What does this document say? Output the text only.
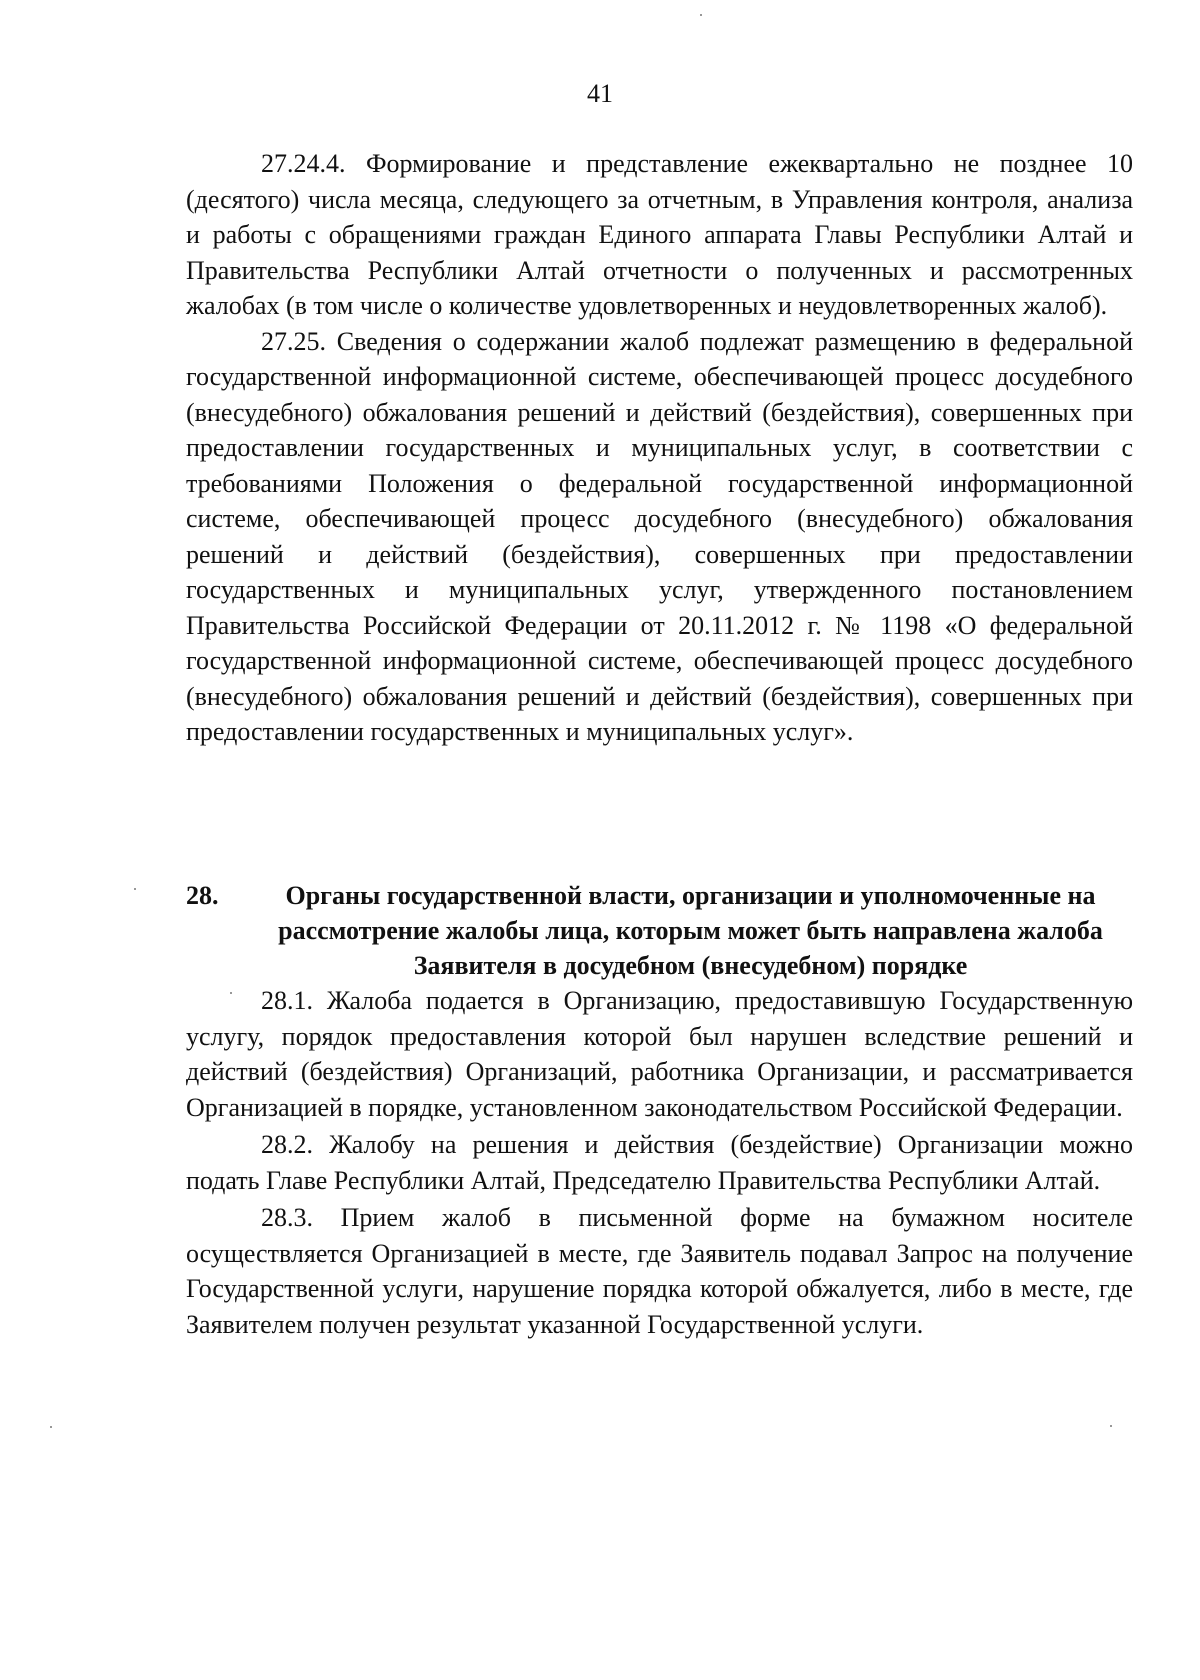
41

27.24.4. Формирование и представление ежеквартально не позднее 10 (десятого) числа месяца, следующего за отчетным, в Управления контроля, анализа и работы с обращениями граждан Единого аппарата Главы Республики Алтай и Правительства Республики Алтай отчетности о полученных и рассмотренных жалобах (в том числе о количестве удовлетворенных и неудовлетворенных жалоб).

27.25. Сведения о содержании жалоб подлежат размещению в федеральной государственной информационной системе, обеспечивающей процесс досудебного (внесудебного) обжалования решений и действий (бездействия), совершенных при предоставлении государственных и муниципальных услуг, в соответствии с требованиями Положения о федеральной государственной информационной системе, обеспечивающей процесс досудебного (внесудебного) обжалования решений и действий (бездействия), совершенных при предоставлении государственных и муниципальных услуг, утвержденного постановлением Правительства Российской Федерации от 20.11.2012 г. № 1198 «О федеральной государственной информационной системе, обеспечивающей процесс досудебного (внесудебного) обжалования решений и действий (бездействия), совершенных при предоставлении государственных и муниципальных услуг».

28.	Органы государственной власти, организации и уполномоченные на рассмотрение жалобы лица, которым может быть направлена жалоба Заявителя в досудебном (внесудебном) порядке

28.1. Жалоба подается в Организацию, предоставившую Государственную услугу, порядок предоставления которой был нарушен вследствие решений и действий (бездействия) Организаций, работника Организации, и рассматривается Организацией в порядке, установленном законодательством Российской Федерации.

28.2. Жалобу на решения и действия (бездействие) Организации можно подать Главе Республики Алтай, Председателю Правительства Республики Алтай.

28.3. Прием жалоб в письменной форме на бумажном носителе осуществляется Организацией в месте, где Заявитель подавал Запрос на получение Государственной услуги, нарушение порядка которой обжалуется, либо в месте, где Заявителем получен результат указанной Государственной услуги.
